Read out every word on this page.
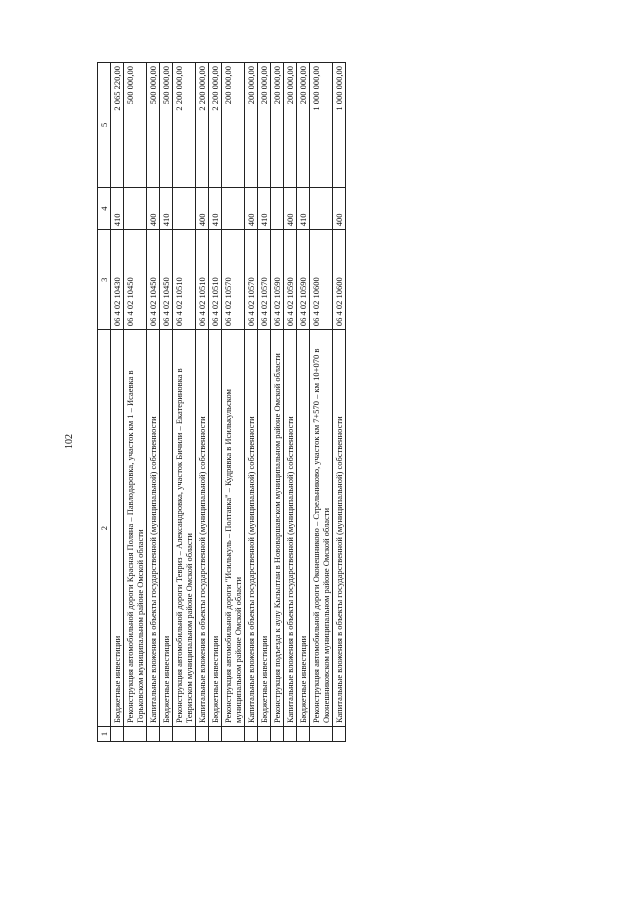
102
1	2	3	4	5
	Бюджетные инвестиции	06 4 02 10430	410	2 065 220,00
	Реконструкция автомобильной дороги Красная Поляна – Павлодаровка, участок км 1 – Исаевка в Горьковском муниципальном районе Омской области	06 4 02 10450		500 000,00
	Капитальные вложения в объекты государственной (муниципальной) собственности	06 4 02 10450	400	500 000,00
	Бюджетные инвестиции	06 4 02 10450	410	500 000,00
	Реконструкция автомобильной дороги Тевриз – Александровка, участок Бичили – Екатериновка в Тевризском муниципальном районе Омской области	06 4 02 10510		2 200 000,00
	Капитальные вложения в объекты государственной (муниципальной) собственности	06 4 02 10510	400	2 200 000,00
	Бюджетные инвестиции	06 4 02 10510	410	2 200 000,00
	Реконструкция автомобильной дороги "Исилькуль – Полтавка" – Кудрявка в Исилькульском муниципальном районе Омской области	06 4 02 10570		200 000,00
	Капитальные вложения в объекты государственной (муниципальной) собственности	06 4 02 10570	400	200 000,00
	Бюджетные инвестиции	06 4 02 10570	410	200 000,00
	Реконструкция подъезда к аулу Кызылтан в Нововаршавском муниципальном районе Омской области	06 4 02 10590		200 000,00
	Капитальные вложения в объекты государственной (муниципальной) собственности	06 4 02 10590	400	200 000,00
	Бюджетные инвестиции	06 4 02 10590	410	200 000,00
	Реконструкция автомобильной дороги Оконешниково – Стрельниково, участок км 7+570 – км 10+070 в Оконешниковском муниципальном районе Омской области	06 4 02 10600		1 000 000,00
	Капитальные вложения в объекты государственной (муниципальной) собственности	06 4 02 10600	400	1 000 000,00
